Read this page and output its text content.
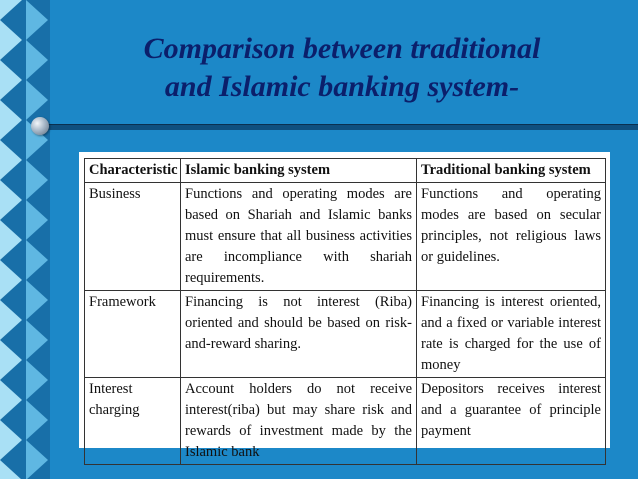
Comparison between traditional
and Islamic banking system-
Characteristic	Islamic banking system	Traditional banking system
Business	Functions and operating modes are based on Shariah and Islamic banks must ensure that all business activities are incompliance with shariah requirements.	Functions and operating modes are based on secular principles, not religious laws or guidelines.
Framework	Financing is not interest (Riba) oriented and should be based on risk-and-reward sharing.	Financing is interest oriented, and a fixed or variable interest rate is charged for the use of money
Interest charging	Account holders do not receive interest(riba) but may share risk and rewards of investment made by the Islamic bank	Depositors receives interest and a guarantee of principle payment
